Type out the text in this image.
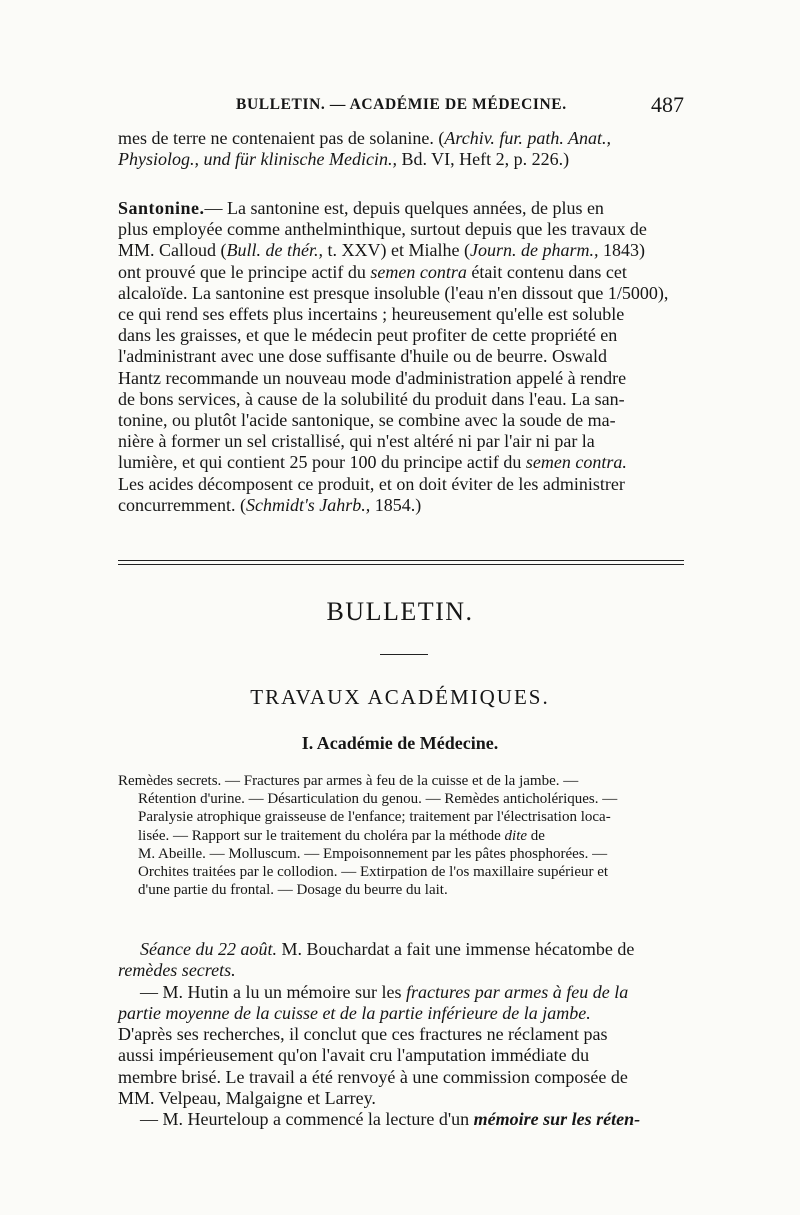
BULLETIN. — ACADÉMIE DE MÉDECINE.	487
mes de terre ne contenaient pas de solanine. (Archiv. fur. path. Anat.,
Physiolog., und für klinische Medicin., Bd. VI, Heft 2, p. 226.)
Santonine.— La santonine est, depuis quelques années, de plus en
plus employée comme anthelminthique, surtout depuis que les travaux de
MM. Calloud (Bull. de thér., t. XXV) et Mialhe (Journ. de pharm., 1843)
ont prouvé que le principe actif du semen contra était contenu dans cet
alcaloïde. La santonine est presque insoluble (l'eau n'en dissout que 1/5000),
ce qui rend ses effets plus incertains ; heureusement qu'elle est soluble
dans les graisses, et que le médecin peut profiter de cette propriété en
l'administrant avec une dose suffisante d'huile ou de beurre. Oswald
Hantz recommande un nouveau mode d'administration appelé à rendre
de bons services, à cause de la solubilité du produit dans l'eau. La san-
tonine, ou plutôt l'acide santonique, se combine avec la soude de ma-
nière à former un sel cristallisé, qui n'est altéré ni par l'air ni par la
lumière, et qui contient 25 pour 100 du principe actif du semen contra.
Les acides décomposent ce produit, et on doit éviter de les administrer
concurremment. (Schmidt's Jahrb., 1854.)
BULLETIN.
TRAVAUX ACADÉMIQUES.
I. Académie de Médecine.
Remèdes secrets. — Fractures par armes à feu de la cuisse et de la jambe. —
Rétention d'urine. — Désarticulation du genou. — Remèdes anticholériques. —
Paralysie atrophique graisseuse de l'enfance; traitement par l'électrisation loca-
lisée. — Rapport sur le traitement du choléra par la méthode dite de
M. Abeille. — Molluscum. — Empoisonnement par les pâtes phosphorées. —
Orchites traitées par le collodion. — Extirpation de l'os maxillaire supérieur et
d'une partie du frontal. — Dosage du beurre du lait.
Séance du 22 août. M. Bouchardat a fait une immense hécatombe de
remèdes secrets.
— M. Hutin a lu un mémoire sur les fractures par armes à feu de la
partie moyenne de la cuisse et de la partie inférieure de la jambe.
D'après ses recherches, il conclut que ces fractures ne réclament pas
aussi impérieusement qu'on l'avait cru l'amputation immédiate du
membre brisé. Le travail a été renvoyé à une commission composée de
MM. Velpeau, Malgaigne et Larrey.
— M. Heurteloup a commencé la lecture d'un mémoire sur les réten-
